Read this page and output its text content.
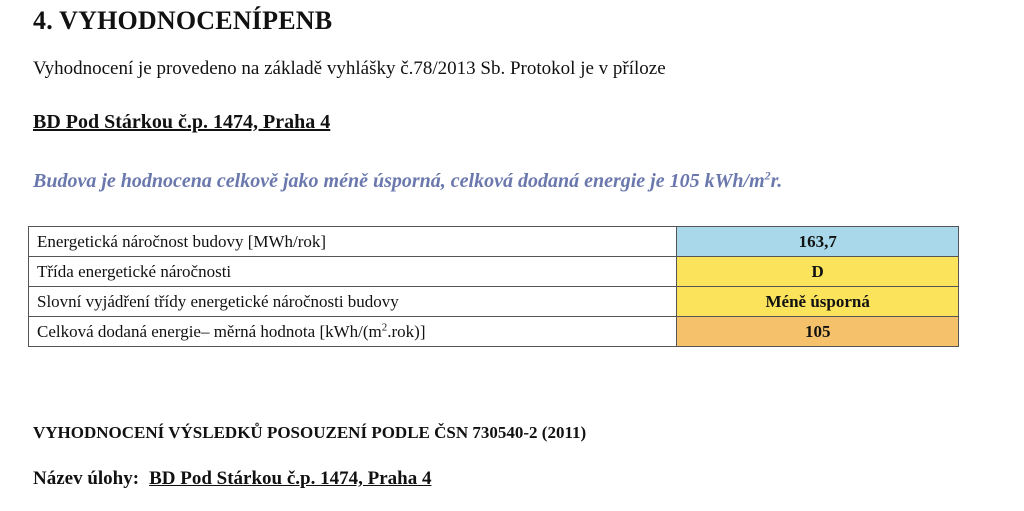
4. VYHODNOCENÍPENB
Vyhodnocení je provedeno na základě vyhlášky č.78/2013 Sb. Protokol je v příloze
BD Pod Stárkou č.p. 1474, Praha 4
Budova je hodnocena celkově jako méně úsporná, celková dodaná energie je 105 kWh/$m^2r$.
Energetická náročnost budovy [MWh/rok]	163,7
Třída energetické náročnosti	D
Slovní vyjádření třídy energetické náročnosti budovy	Méně úsporná
Celková dodaná energie– měrná hodnota $[kWh/(m^2.rok)]$	105
VYHODNOCENÍ VÝSLEDKŮ POSOUZENÍ PODLE ČSN 730540-2 (2011)
Název úlohy: BD Pod Stárkou č.p. 1474, Praha 4
